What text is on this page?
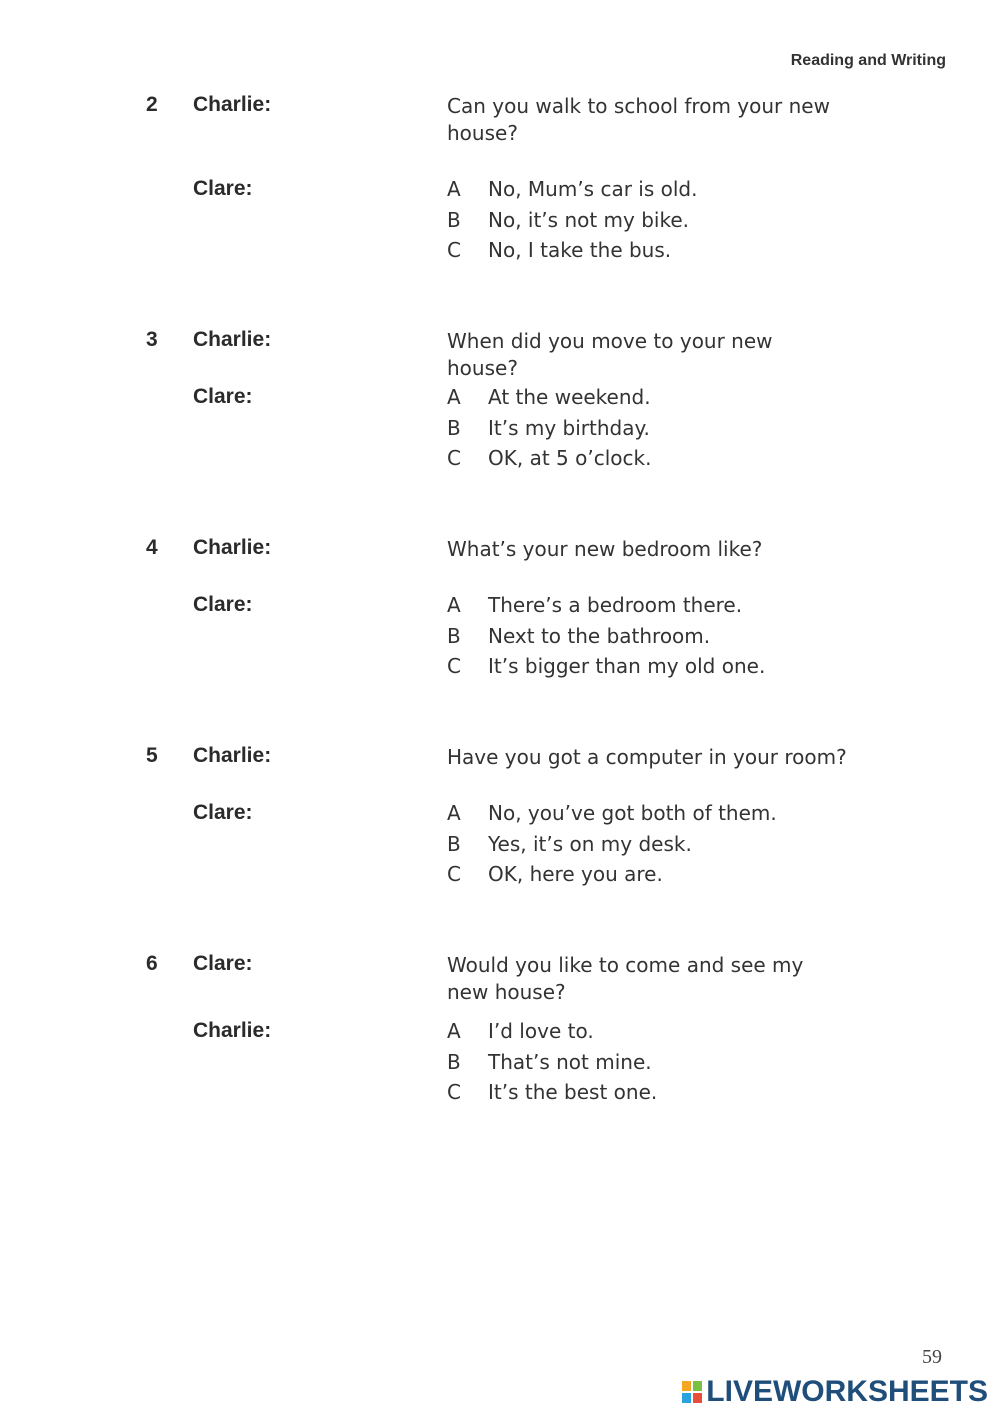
Reading and Writing
2 Charlie:	Can you walk to school from your new house?
Clare:	A No, Mum’s car is old.
B No, it’s not my bike.
C No, I take the bus.
3 Charlie:	When did you move to your new house?
Clare:	A At the weekend.
B It’s my birthday.
C OK, at 5 o’clock.
4 Charlie:	What’s your new bedroom like?
Clare:	A There’s a bedroom there.
B Next to the bathroom.
C It’s bigger than my old one.
5 Charlie:	Have you got a computer in your room?
Clare:	A No, you’ve got both of them.
B Yes, it’s on my desk.
C OK, here you are.
6 Clare:	Would you like to come and see my new house?
Charlie:	A I’d love to.
B That’s not mine.
C It’s the best one.
59
LIVEWORKSHEETS
